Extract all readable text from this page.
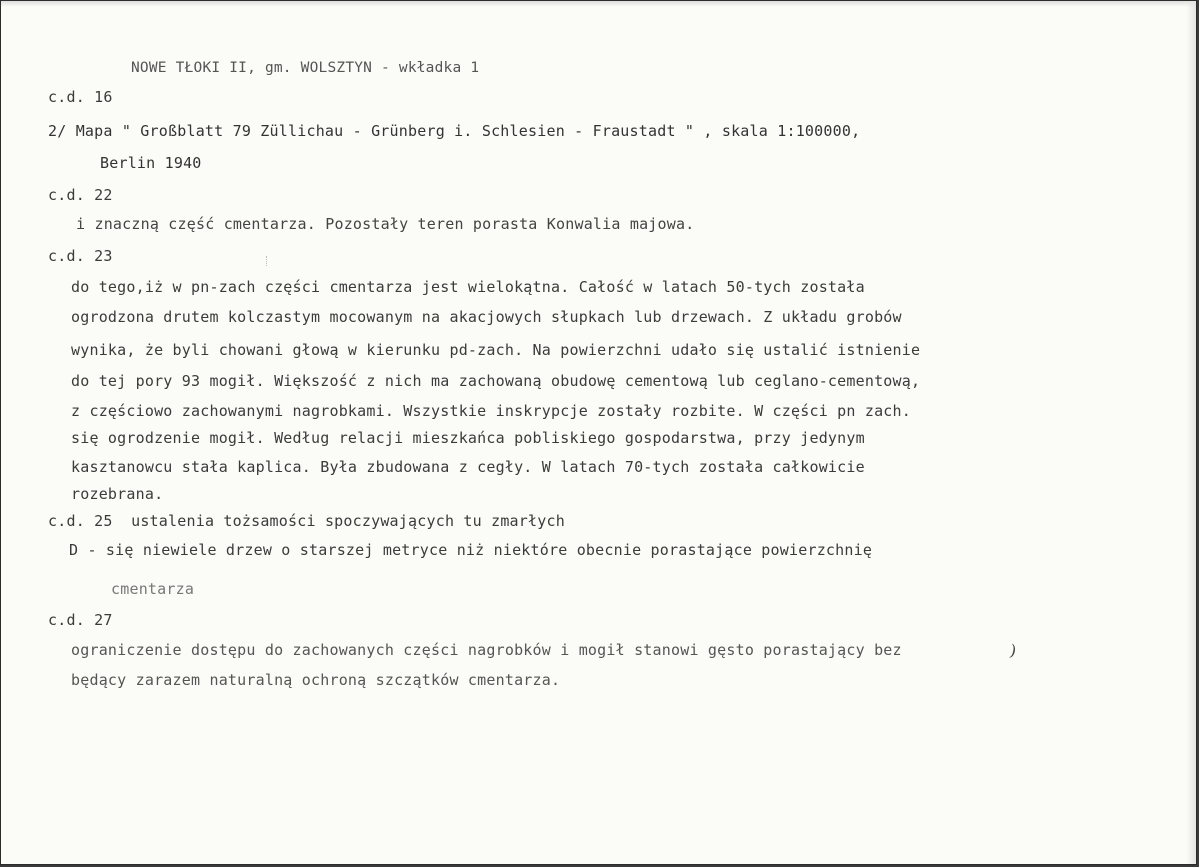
NOWE TŁOKI II, gm. WOLSZTYN - wkładka 1
c.d. 16
2/ Mapa " Großblatt 79 Züllichau - Grünberg i. Schlesien - Fraustadt " , skala 1:100000,
Berlin 1940
c.d. 22
i znaczną część cmentarza. Pozostały teren porasta Konwalia majowa.
c.d. 23
do tego,iż w pn-zach części cmentarza jest wielokątna. Całość w latach 50-tych została
ogrodzona drutem kolczastym mocowanym na akacjowych słupkach lub drzewach. Z układu grobów
wynika, że byli chowani głową w kierunku pd-zach. Na powierzchni udało się ustalić istnienie
do tej pory 93 mogił. Większość z nich ma zachowaną obudowę cementową lub ceglano-cementową,
z częściowo zachowanymi nagrobkami. Wszystkie inskrypcje zostały rozbite. W części pn zach.
się ogrodzenie mogił. Według relacji mieszkańca pobliskiego gospodarstwa, przy jedynym
kasztanowcu stała kaplica. Była zbudowana z cegły. W latach 70-tych została całkowicie
rozebrana.
c.d. 25 ustalenia tożsamości spoczywających tu zmarłych
D - się niewiele drzew o starszej metryce niż niektóre obecnie porastające powierzchnię
cmentarza
c.d. 27
ograniczenie dostępu do zachowanych części nagrobków i mogił stanowi gęsto porastający bez
będący zarazem naturalną ochroną szczątków cmentarza.
)
